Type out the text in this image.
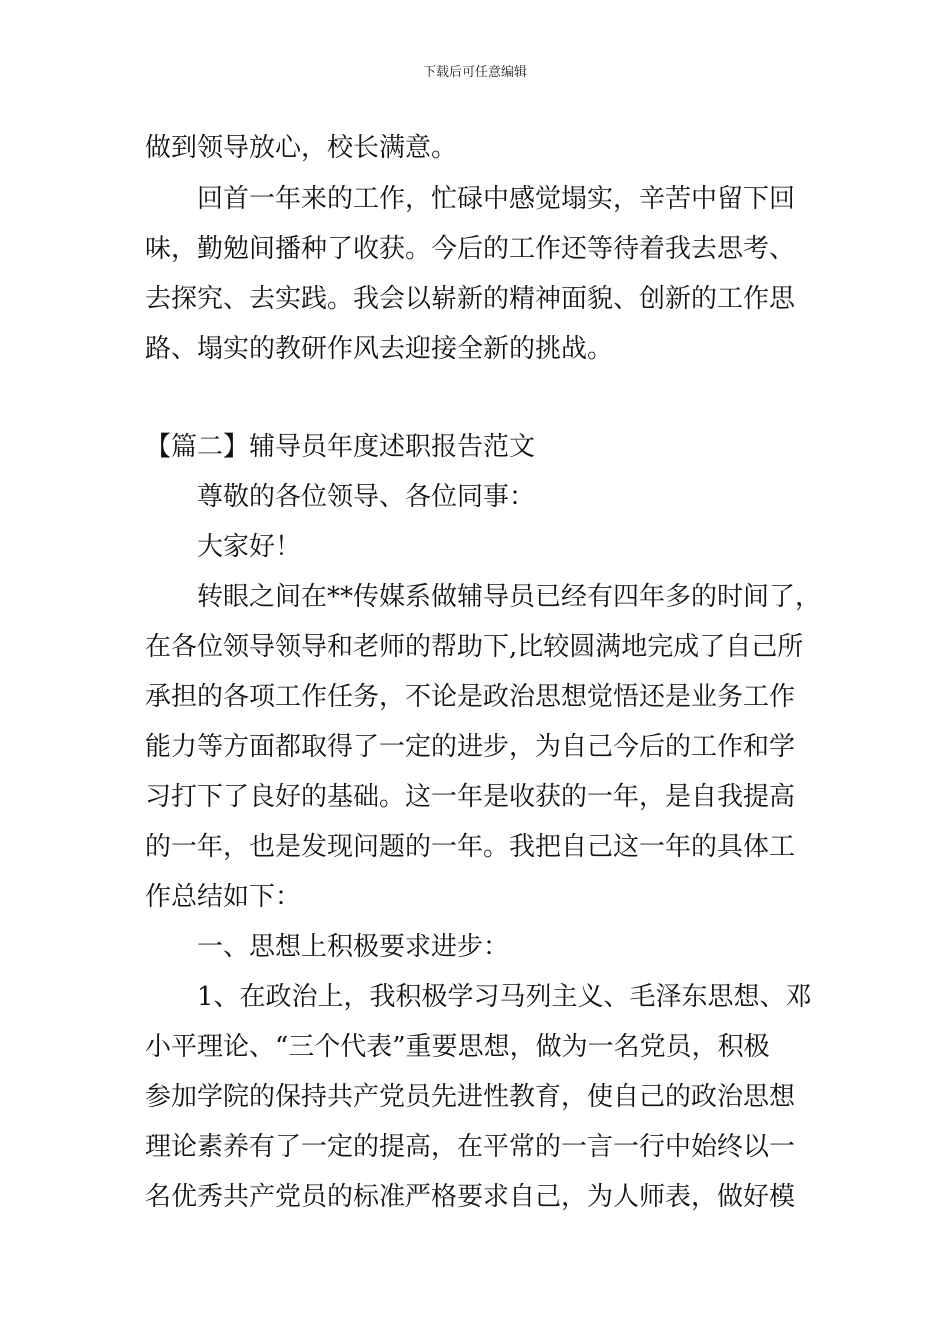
下载后可任意编辑
做到领导放心，校长满意。
　　回首一年来的工作，忙碌中感觉塌实，辛苦中留下回
味，勤勉间播种了收获。今后的工作还等待着我去思考、
去探究、去实践。我会以崭新的精神面貌、创新的工作思
路、塌实的教研作风去迎接全新的挑战。
【篇二】辅导员年度述职报告范文
　　尊敬的各位领导、各位同事：
　　大家好！
　　转眼之间在**传媒系做辅导员已经有四年多的时间了，
在各位领导领导和老师的帮助下,比较圆满地完成了自己所
承担的各项工作任务，不论是政治思想觉悟还是业务工作
能力等方面都取得了一定的进步，为自己今后的工作和学
习打下了良好的基础。这一年是收获的一年，是自我提高
的一年，也是发现问题的一年。我把自己这一年的具体工
作总结如下：
　　一、思想上积极要求进步：
　　1、在政治上，我积极学习马列主义、毛泽东思想、邓
小平理论、“三个代表”重要思想，做为一名党员，积极
参加学院的保持共产党员先进性教育，使自己的政治思想
理论素养有了一定的提高，在平常的一言一行中始终以一
名优秀共产党员的标准严格要求自己，为人师表，做好模
